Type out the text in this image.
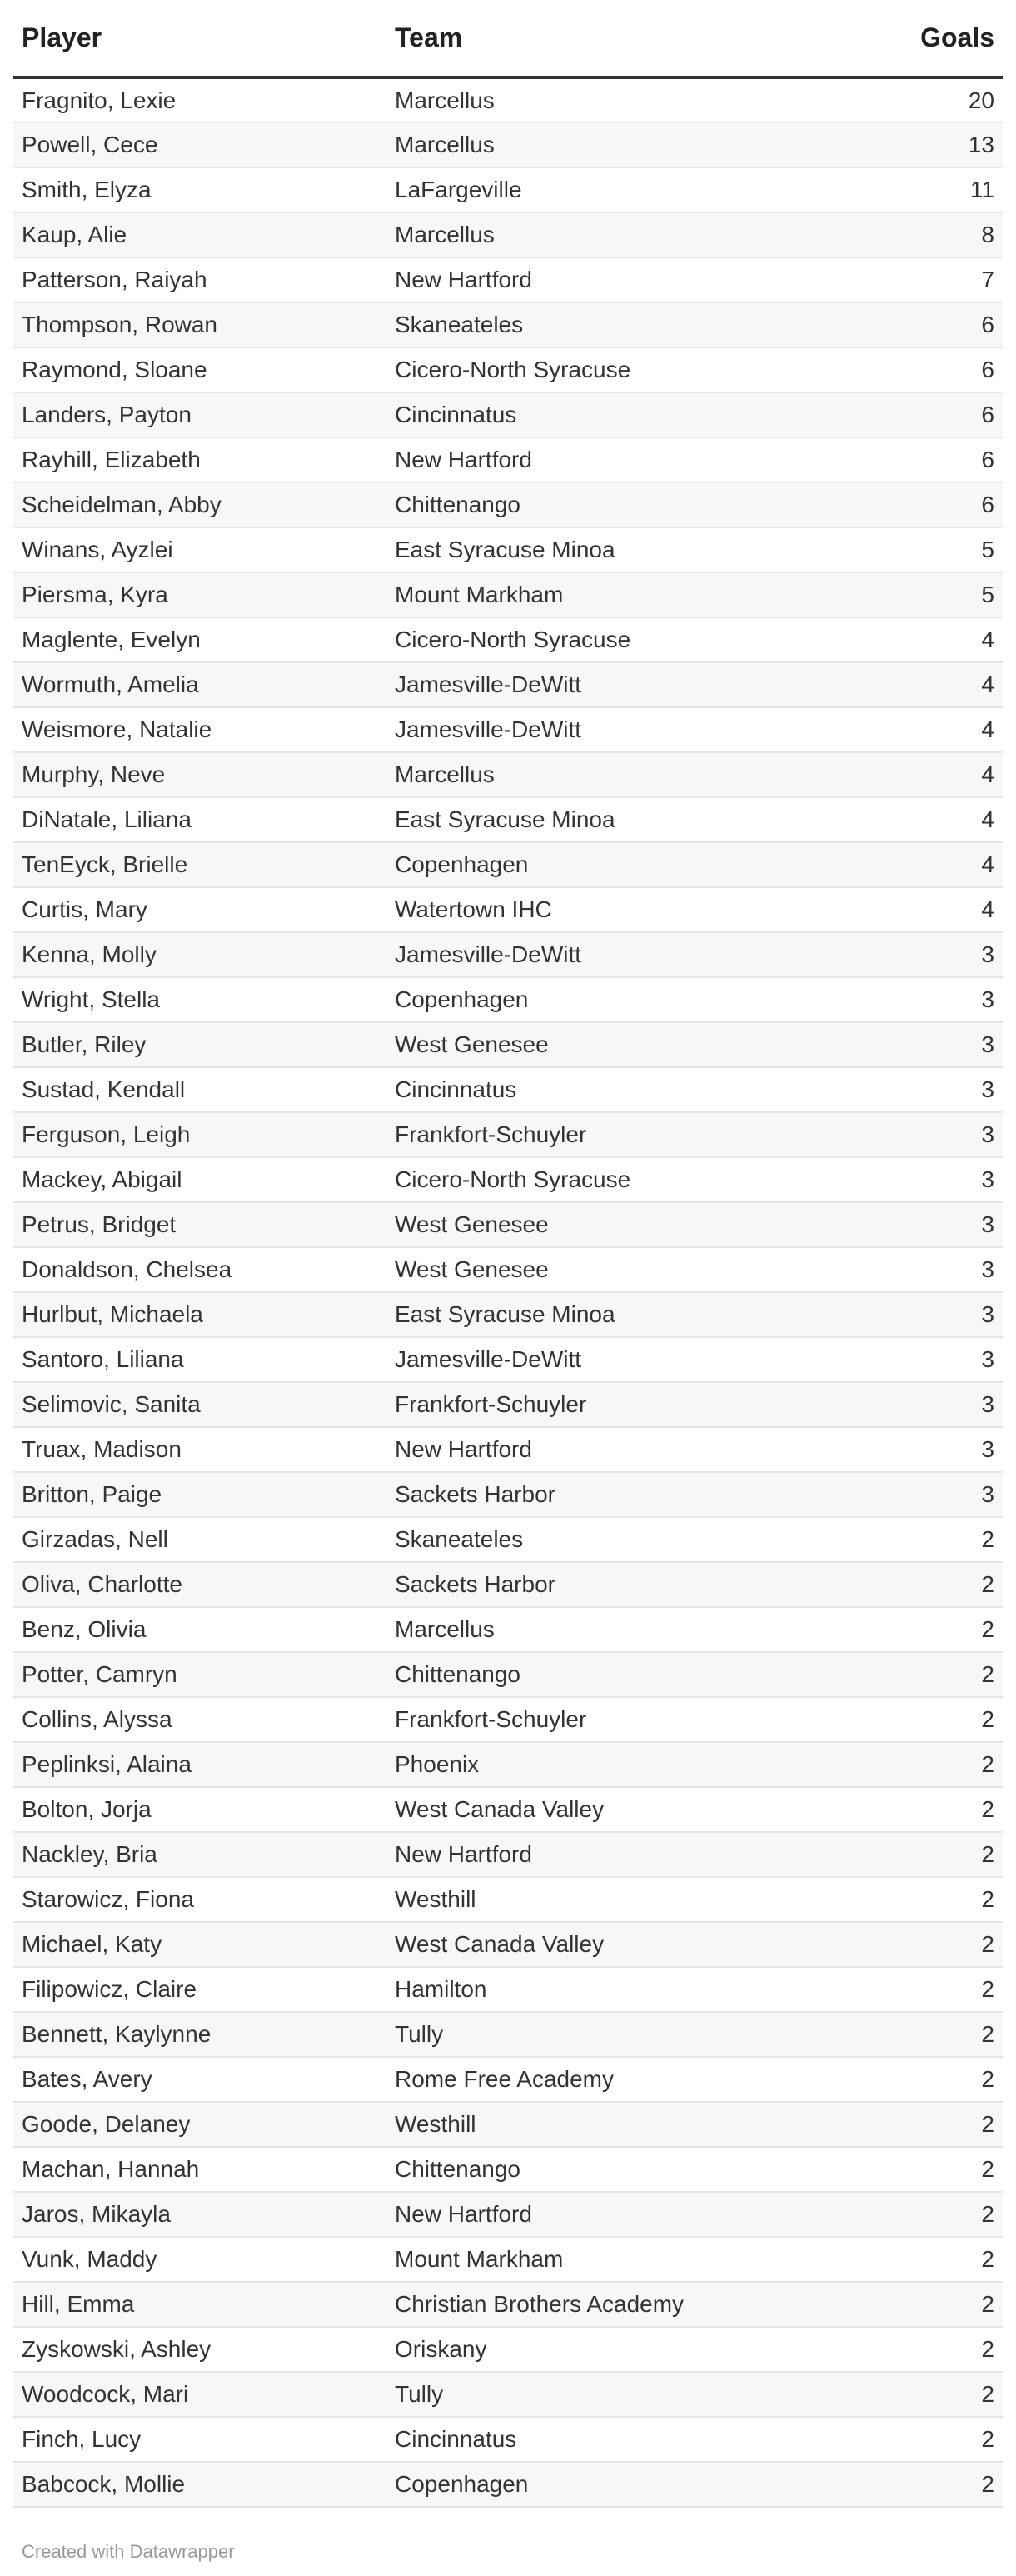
Player	Team	Goals
Fragnito, Lexie	Marcellus	20
Powell, Cece	Marcellus	13
Smith, Elyza	LaFargeville	11
Kaup, Alie	Marcellus	8
Patterson, Raiyah	New Hartford	7
Thompson, Rowan	Skaneateles	6
Raymond, Sloane	Cicero-North Syracuse	6
Landers, Payton	Cincinnatus	6
Rayhill, Elizabeth	New Hartford	6
Scheidelman, Abby	Chittenango	6
Winans, Ayzlei	East Syracuse Minoa	5
Piersma, Kyra	Mount Markham	5
Maglente, Evelyn	Cicero-North Syracuse	4
Wormuth, Amelia	Jamesville-DeWitt	4
Weismore, Natalie	Jamesville-DeWitt	4
Murphy, Neve	Marcellus	4
DiNatale, Liliana	East Syracuse Minoa	4
TenEyck, Brielle	Copenhagen	4
Curtis, Mary	Watertown IHC	4
Kenna, Molly	Jamesville-DeWitt	3
Wright, Stella	Copenhagen	3
Butler, Riley	West Genesee	3
Sustad, Kendall	Cincinnatus	3
Ferguson, Leigh	Frankfort-Schuyler	3
Mackey, Abigail	Cicero-North Syracuse	3
Petrus, Bridget	West Genesee	3
Donaldson, Chelsea	West Genesee	3
Hurlbut, Michaela	East Syracuse Minoa	3
Santoro, Liliana	Jamesville-DeWitt	3
Selimovic, Sanita	Frankfort-Schuyler	3
Truax, Madison	New Hartford	3
Britton, Paige	Sackets Harbor	3
Girzadas, Nell	Skaneateles	2
Oliva, Charlotte	Sackets Harbor	2
Benz, Olivia	Marcellus	2
Potter, Camryn	Chittenango	2
Collins, Alyssa	Frankfort-Schuyler	2
Peplinksi, Alaina	Phoenix	2
Bolton, Jorja	West Canada Valley	2
Nackley, Bria	New Hartford	2
Starowicz, Fiona	Westhill	2
Michael, Katy	West Canada Valley	2
Filipowicz, Claire	Hamilton	2
Bennett, Kaylynne	Tully	2
Bates, Avery	Rome Free Academy	2
Goode, Delaney	Westhill	2
Machan, Hannah	Chittenango	2
Jaros, Mikayla	New Hartford	2
Vunk, Maddy	Mount Markham	2
Hill, Emma	Christian Brothers Academy	2
Zyskowski, Ashley	Oriskany	2
Woodcock, Mari	Tully	2
Finch, Lucy	Cincinnatus	2
Babcock, Mollie	Copenhagen	2
Created with Datawrapper
